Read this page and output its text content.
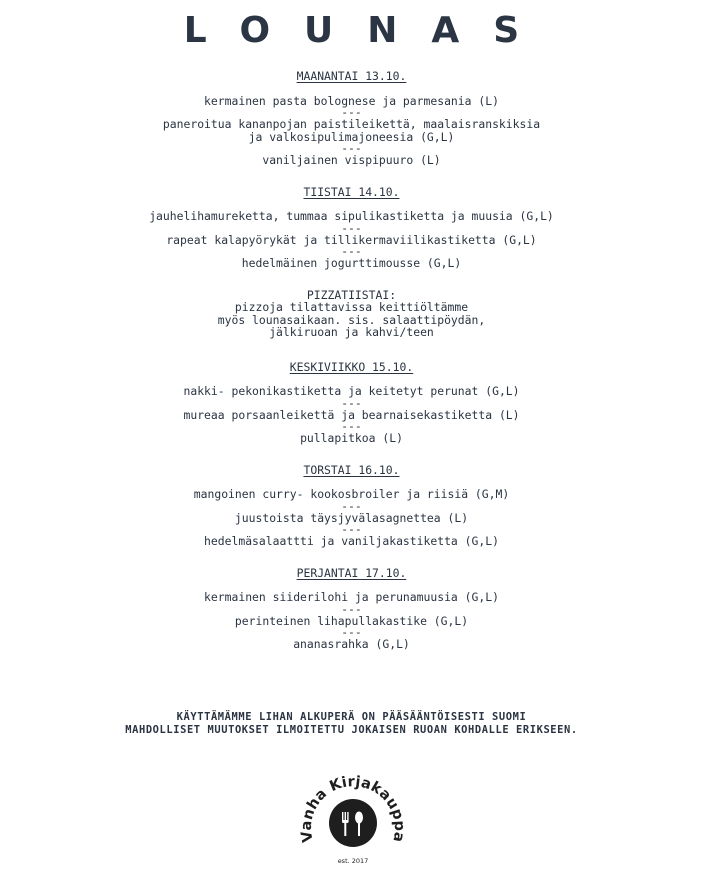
LOUNAS
MAANANTAI 13.10.
kermainen pasta bolognese ja parmesania (L)
---
paneroitua kananpojan paistileikettä, maalaisranskiksia
ja valkosipulimajoneesia (G,L)
---
vaniljainen vispipuuro (L)
TIISTAI 14.10.
jauhelihamureketta, tummaa sipulikastiketta ja muusia (G,L)
---
rapeat kalapyörykät ja tillikermaviilikastiketta (G,L)
---
hedelmäinen jogurttimousse (G,L)
PIZZATIISTAI:
pizzoja tilattavissa keittiöltämme
myös lounasaikaan. sis. salaattipöydän,
jälkiruoan ja kahvi/teen
KESKIVIIKKO 15.10.
nakki- pekonikastiketta ja keitetyt perunat (G,L)
---
mureaa porsaanleikettä ja bearnaisekastiketta (L)
---
pullapitkoa (L)
TORSTAI 16.10.
mangoinen curry- kookosbroiler ja riisiä (G,M)
---
juustoista täysjyvälasagnettea (L)
---
hedelmäsalaattti ja vaniljakastiketta (G,L)
PERJANTAI 17.10.
kermainen siiderilohi ja perunamuusia (G,L)
---
perinteinen lihapullakastike (G,L)
---
ananasrahka (G,L)
KÄYTTÄMÄMME LIHAN ALKUPERÄ ON PÄÄSÄÄNTÖISESTI SUOMI
MAHDOLLISET MUUTOKSET ILMOITETTU JOKAISEN RUOAN KOHDALLE ERIKSEEN.
Vanha Kirjakauppa
est. 2017
